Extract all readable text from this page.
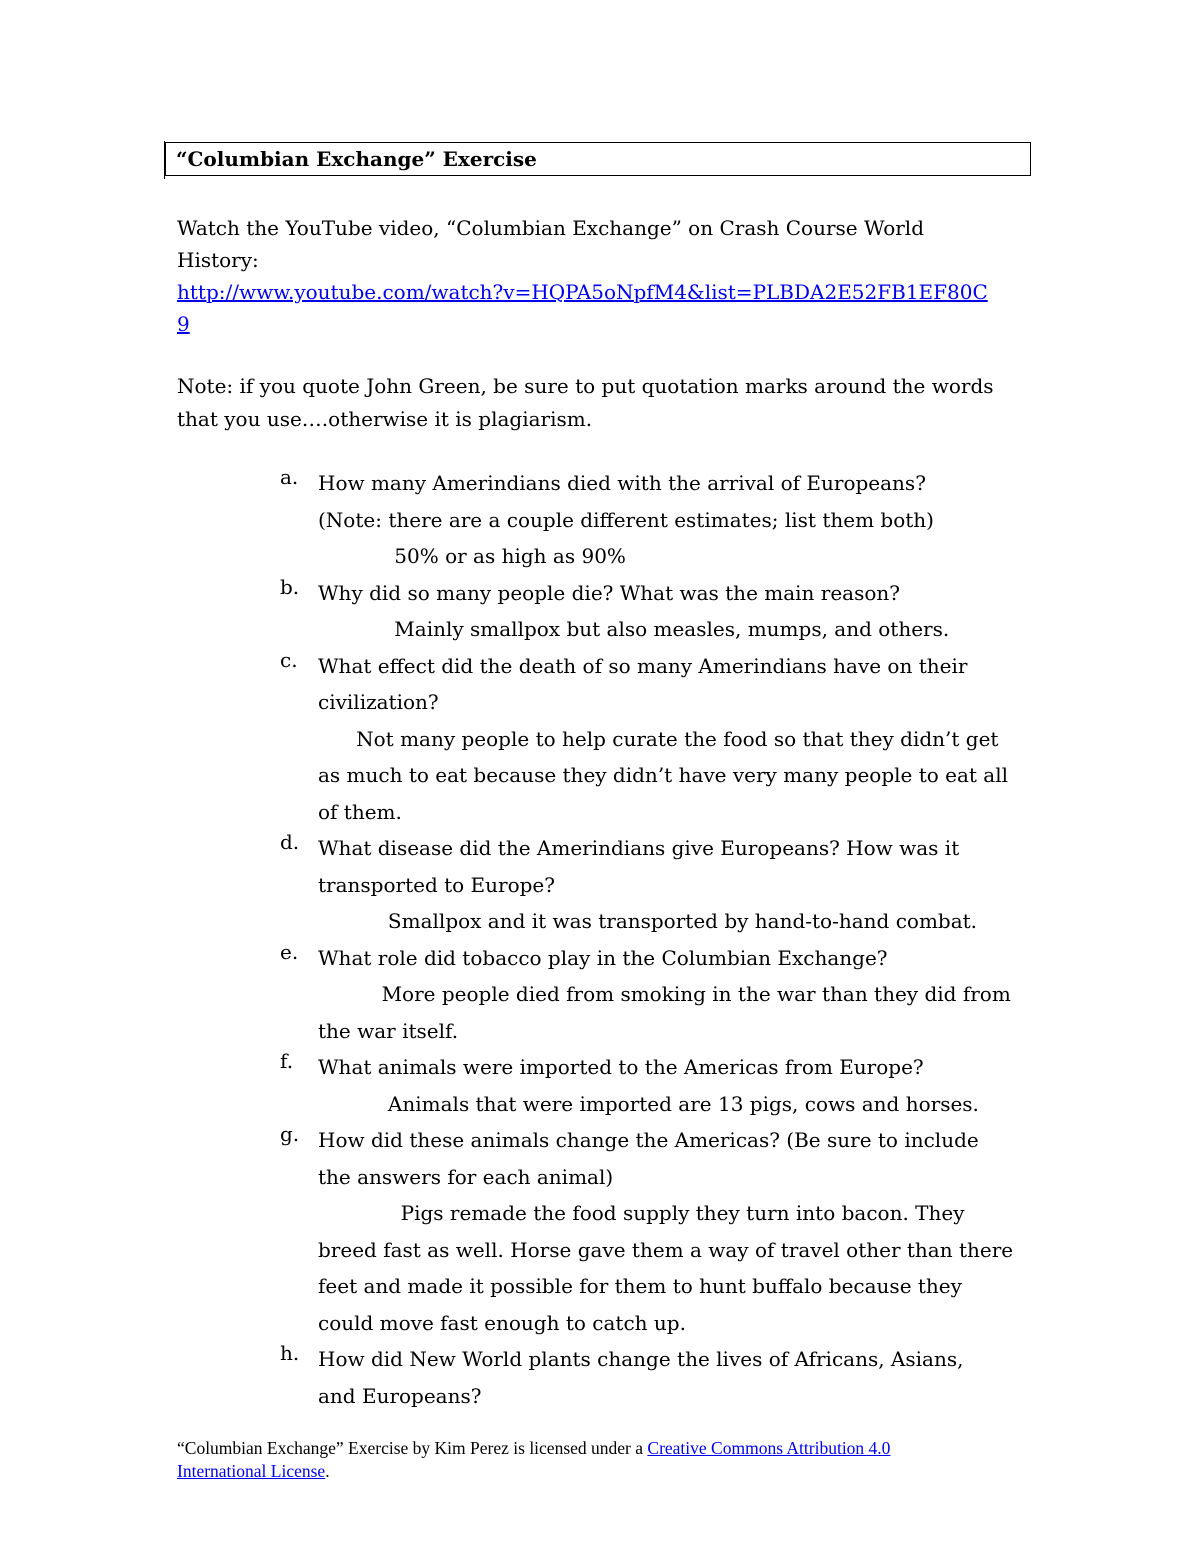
“Columbian Exchange” Exercise
Watch the YouTube video, “Columbian Exchange” on Crash Course World
History:
http://www.youtube.com/watch?v=HQPA5oNpfM4&list=PLBDA2E52FB1EF80C
9
Note: if you quote John Green, be sure to put quotation marks around the words
that you use….otherwise it is plagiarism.
a. How many Amerindians died with the arrival of Europeans?
(Note: there are a couple different estimates; list them both)
50% or as high as 90%
b. Why did so many people die? What was the main reason?
Mainly smallpox but also measles, mumps, and others.
c. What effect did the death of so many Amerindians have on their
civilization?
Not many people to help curate the food so that they didn’t get
as much to eat because they didn’t have very many people to eat all
of them.
d. What disease did the Amerindians give Europeans? How was it
transported to Europe?
Smallpox and it was transported by hand-to-hand combat.
e. What role did tobacco play in the Columbian Exchange?
More people died from smoking in the war than they did from
the war itself.
f. What animals were imported to the Americas from Europe?
Animals that were imported are 13 pigs, cows and horses.
g. How did these animals change the Americas? (Be sure to include
the answers for each animal)
Pigs remade the food supply they turn into bacon. They
breed fast as well. Horse gave them a way of travel other than there
feet and made it possible for them to hunt buffalo because they
could move fast enough to catch up.
h. How did New World plants change the lives of Africans, Asians,
and Europeans?
“Columbian Exchange” Exercise by Kim Perez is licensed under a Creative Commons Attribution 4.0
International License.
